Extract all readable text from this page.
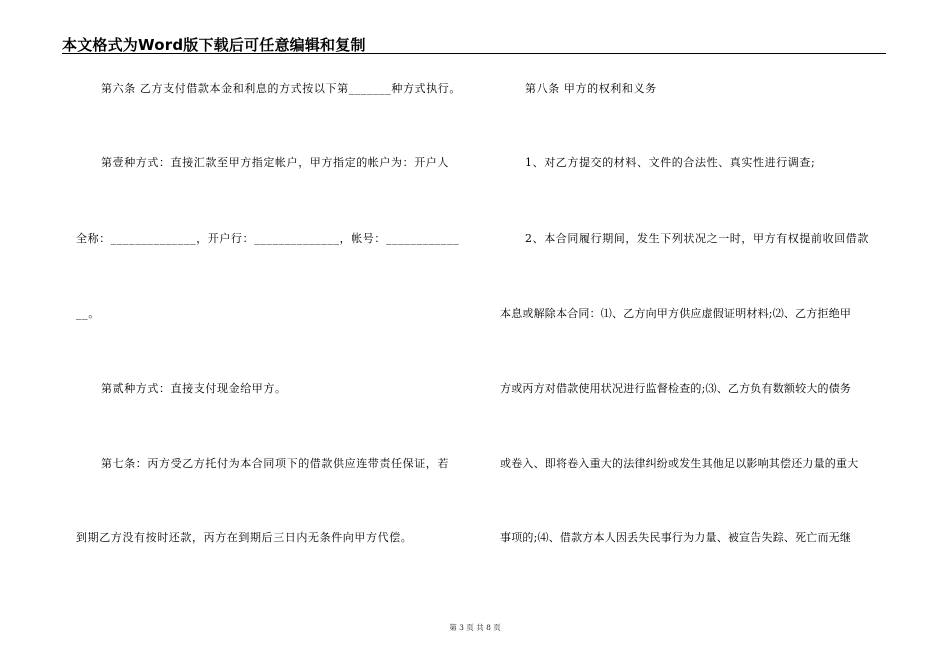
本文格式为Word版下载后可任意编辑和复制
第六条 乙方支付借款本金和利息的方式按以下第_______种方式执行。
第壹种方式：直接汇款至甲方指定帐户，甲方指定的帐户为：开户人
全称：______________，开户行：______________，帐号：____________
__。
第贰种方式：直接支付现金给甲方。
第七条：丙方受乙方托付为本合同项下的借款供应连带责任保证，若
到期乙方没有按时还款，丙方在到期后三日内无条件向甲方代偿。
第八条 甲方的权利和义务
1、对乙方提交的材料、文件的合法性、真实性进行调查;
2、本合同履行期间，发生下列状况之一时，甲方有权提前收回借款
本息或解除本合同：⑴、乙方向甲方供应虚假证明材料;⑵、乙方拒绝甲
方或丙方对借款使用状况进行监督检查的;⑶、乙方负有数额较大的债务
或卷入、即将卷入重大的法律纠纷或发生其他足以影响其偿还力量的重大
事项的;⑷、借款方本人因丢失民事行为力量、被宣告失踪、死亡而无继
第 3 页 共 8 页
